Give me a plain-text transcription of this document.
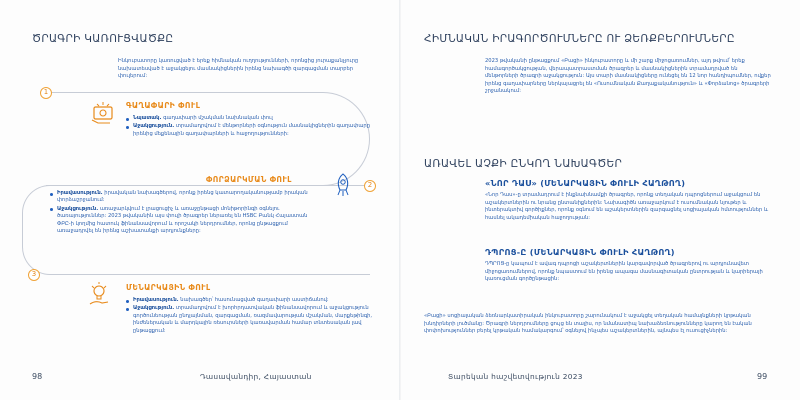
ԾՐԱԳՐԻ ԿԱՌՈՒՑՎԱԾՔԸ
Ինկուբատորը կառուցված է երեք հիմնական ուղղությունների, որոնցից յուրաքանչյուրը նախատեսված է աջակցելու մասնակիցներին իրենց նախագծի զարգացման տարբեր փուլերում:
1
ԳԱՂԱՓԱՐԻ ՓՈՒԼ
Նպատակ. գաղափարի մշակման նախնական փուլ
Աջակցություն. տրամադրվում է մենթորների օգնություն մասնակիցներին գաղափարը իրենից մեքենային գաղափարների և հաջողությունների:
2
ՓՈՐՁԱՐԿՄԱՆ ՓՈՒԼ
Իրավասություն. իրավական նախագծերով, որոնք իրենց կատարողականությամբ իրական փորձաշրջանում:
Աջակցություն. առաջարկվում է լրացուցիչ և առաջընթացի մոնիթորինգի օգնելու ծառայություններ: 2023 թվականին այս փուլի ծրագրեր ներառել են HSBC Բանկ Հայաստան ՓԲԸ-ի կողմից հատուկ ֆինանսավորում և որոշակի ներդրումներ, որոնց ընթացքում առաջադրվել են իրենց աշխատանքի արդյունքները:
3
ՄԵՆԱՐԿԱՅԻՆ ՓՈՒԼ
Իրավասություն. նախագծեր՝ հասունացված գաղափարի աստիճանով:
Աջակցություն. տրամադրվում է խորհրդատվական ֆինանսավորում և աջակցություն գործունեության ընդլայնման, զարգացման, ռազմավարության մշակման, մարքեթինգի, ինժեներական և մարդկային ռեսուրսների կառավարման համար տնտեսական լավ ընթացքում:
98	Դասավանդիր, Հայաստան
ՀԻՄՆԱԿԱՆ ԻՐԱԳՈՐԾՈՒՄՆԵՐԸ ՈՒ ՁԵՌՔԲԵՐՈՒՄՆԵՐԸ
2023 թվականի ընթացքում «Բացի» ինկուբատորը և մի շարք միջոցառումներ, այդ թվում՝ երեք համագործակցության, վերապատրաստման ծրագրեր և մասնակիցներին տրամադրված են մենթորների ծրագրի աջակցություն: Այս տարի մասնակիցները ունեցել են 12 նոր հանդիպումներ, ովքեր իրենց գաղափարները ներկայացրել են «Ուսումնական Քաղաքականություն» և «Փորձանոց» ծրագրերի շրջանակում:
ԱՌԱՎԵԼ ԱՉՔԻ ԸՆԿՈՂ ՆԱԽԱԳԾԵՐ
«ՆՈՐ ԴԱՍ» (ՄԵՆԱՐԿԱՅԻՆ ՓՈՒԼԻ ՀԱՂԹՈՂ)
«Նոր Դաս»-ը տրամադրում է ինքնախնամքի ծրագրեր, որոնք տեղական դպրոցներում աջակցում են աշակերտներին ու նրանց ընտանիքներին: Նախագիծն առաջարկում է ուսումնական նյութեր և ինտերակտիվ գործիքներ, որոնք օգնում են աշակերտներին զարգացնել սոցիալական հմտություններ և հասնել ակադեմիական հաջողության:
ԴՊՐՈՑ-Ը (ՄԵՆԱՐԿԱՅԻՆ ՓՈՒԼԻ ՀԱՂԹՈՂ)
ԴՊՐՈՑ-ը կապում է ավագ դպրոցի աշակերտներին կարգավորված ծրագրերով ու արդյունավետ միջոցառումներով, որոնք նպաստում են իրենց ապագա մասնագիտական ընտրության և կարիերայի կառուցման գործընթացին:
«Բացի» սոցիալական ձեռնարկատիրական ինկուբատորը շարունակում է աջակցել տեղական համայնքների կրթական խնդիրների լուծմանը: Ծրագրի ներդրումները ցույց են տալիս, որ նմանատիպ նախաձեռնությունները կարող են էական փոփոխություններ բերել կրթական համակարգում՝ օգնելով ինչպես աշակերտներին, այնպես էլ ուսուցիչներին:
Տարեկան հաշվետվություն 2023	99
